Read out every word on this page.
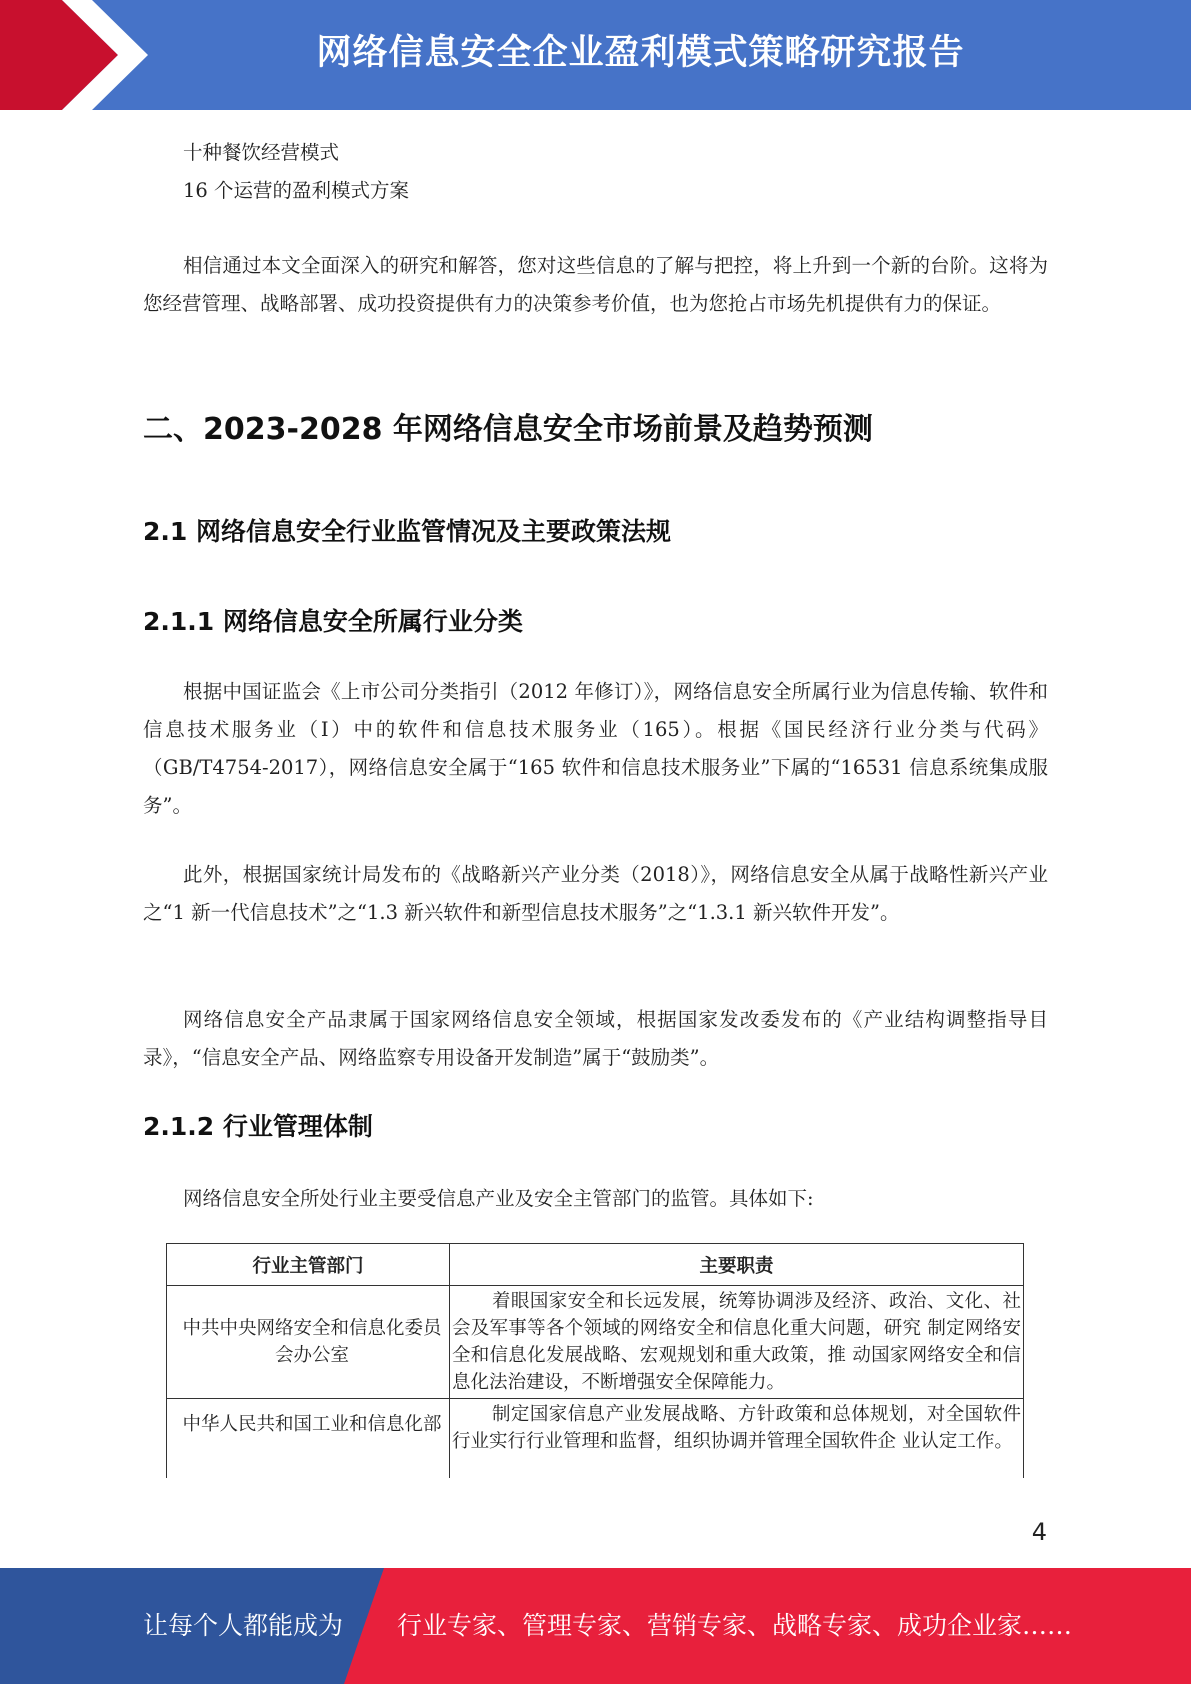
网络信息安全企业盈利模式策略研究报告
十种餐饮经营模式
16 个运营的盈利模式方案
相信通过本文全面深入的研究和解答，您对这些信息的了解与把控，将上升到一个新的台阶。这将为您经营管理、战略部署、成功投资提供有力的决策参考价值，也为您抢占市场先机提供有力的保证。
二、2023-2028 年网络信息安全市场前景及趋势预测
2.1 网络信息安全行业监管情况及主要政策法规
2.1.1 网络信息安全所属行业分类
根据中国证监会《上市公司分类指引（2012 年修订）》，网络信息安全所属行业为信息传输、软件和信息技术服务业（I）中的软件和信息技术服务业（165）。根据《国民经济行业分类与代码》（GB/T4754-2017），网络信息安全属于“165 软件和信息技术服务业”下属的“16531 信息系统集成服务”。
此外，根据国家统计局发布的《战略新兴产业分类（2018）》，网络信息安全从属于战略性新兴产业之“1 新一代信息技术”之“1.3 新兴软件和新型信息技术服务”之“1.3.1 新兴软件开发”。
网络信息安全产品隶属于国家网络信息安全领域，根据国家发改委发布的《产业结构调整指导目录》，“信息安全产品、网络监察专用设备开发制造”属于“鼓励类”。
2.1.2 行业管理体制
网络信息安全所处行业主要受信息产业及安全主管部门的监管。具体如下:
行业主管部门	主要职责
中共中央网络安全和信息化委员会办公室	着眼国家安全和长远发展，统筹协调涉及经济、政治、文化、社会及军事等各个领域的网络安全和信息化重大问题，研究 制定网络安全和信息化发展战略、宏观规划和重大政策，推 动国家网络安全和信息化法治建设，不断增强安全保障能力。
中华人民共和国工业和信息化部	制定国家信息产业发展战略、方针政策和总体规划，对全国软件行业实行行业管理和监督，组织协调并管理全国软件企 业认定工作。
4
让每个人都能成为 行业专家、管理专家、营销专家、战略专家、成功企业家……
